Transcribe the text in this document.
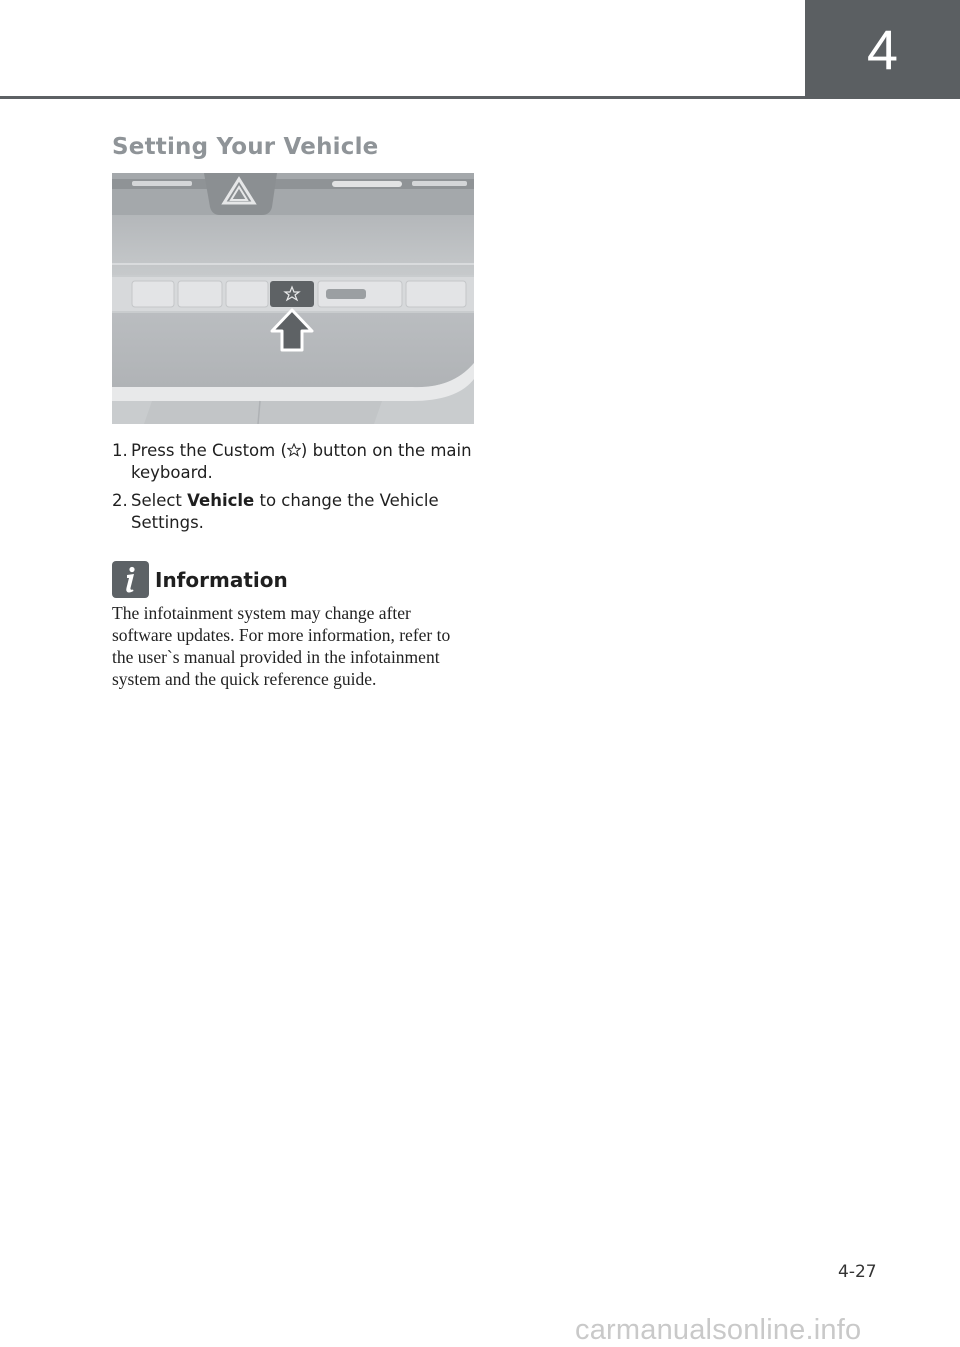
4
Setting Your Vehicle
1. Press the Custom ( ) button on the main keyboard.
2. Select Vehicle to change the Vehicle Settings.
Information

The infotainment system may change after software updates. For more information, refer to the user`s manual provided in the infotainment system and the quick reference guide.

4-27
carmanualsonline.info
